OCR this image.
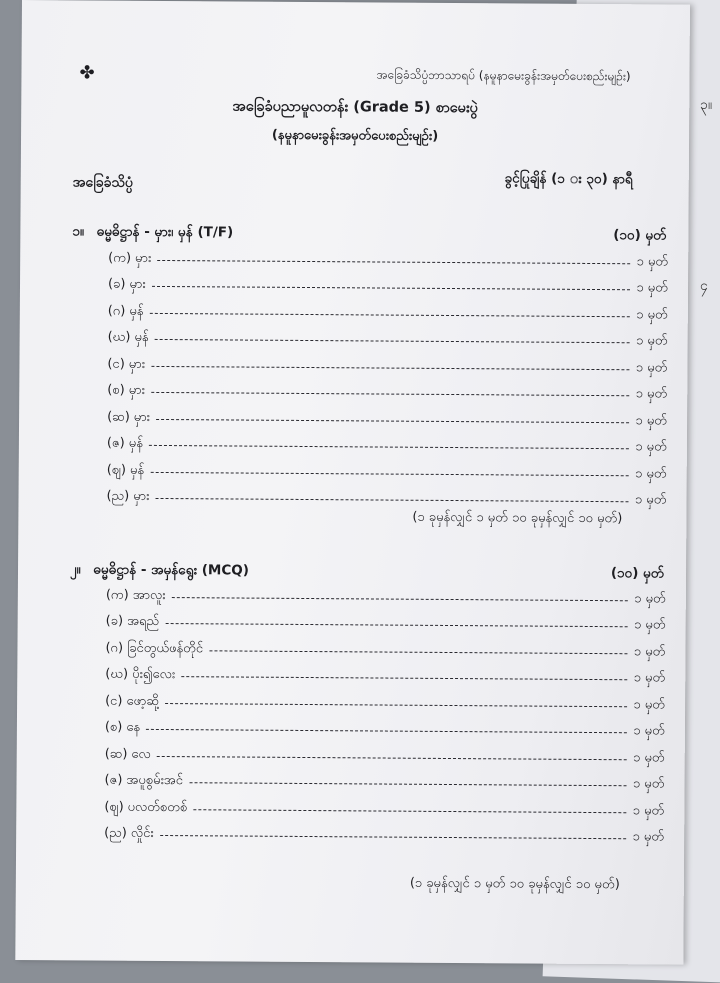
၃။
၄
✤	အခြေခံသိပ္ပံဘာသာရပ် (နမူနာမေးခွန်းအမှတ်ပေးစည်းမျဉ်း)
အခြေခံပညာမူလတန်း (Grade 5) စာမေးပွဲ
(နမူနာမေးခွန်းအမှတ်ပေးစည်းမျဉ်း)
အခြေခံသိပ္ပံ	ခွင့်ပြုချိန် (၁ း ၃၀) နာရီ
၁။ ဓမ္မဓိဋ္ဌာန် - မှား၊ မှန် (T/F)	(၁၀) မှတ်
(က) မှား	၁ မှတ်
(ခ) မှား	၁ မှတ်
(ဂ) မှန်	၁ မှတ်
(ဃ) မှန်	၁ မှတ်
(င) မှား	၁ မှတ်
(စ) မှား	၁ မှတ်
(ဆ) မှား	၁ မှတ်
(ဇ) မှန်	၁ မှတ်
(ဈ) မှန်	၁ မှတ်
(ည) မှား	၁ မှတ်
(၁ ခုမှန်လျှင် ၁ မှတ် ၁၀ ခုမှန်လျှင် ၁၀ မှတ်)
၂။ ဓမ္မဓိဋ္ဌာန် - အမှန်ရွေး (MCQ)	(၁၀) မှတ်
(က) အာလူး	၁ မှတ်
(ခ) အရည်	၁ မှတ်
(ဂ) ခြင်တွယ်ဖန်တိုင်	၁ မှတ်
(ဃ) ပိုး၍လေး	၁ မှတ်
(င) ဖော့ဆို့	၁ မှတ်
(စ) နေ	၁ မှတ်
(ဆ) လေ	၁ မှတ်
(ဇ) အပူစွမ်းအင်	၁ မှတ်
(ဈ) ပလတ်စတစ်	၁ မှတ်
(ည) လှိုင်း	၁ မှတ်
(၁ ခုမှန်လျှင် ၁ မှတ် ၁၀ ခုမှန်လျှင် ၁၀ မှတ်)
